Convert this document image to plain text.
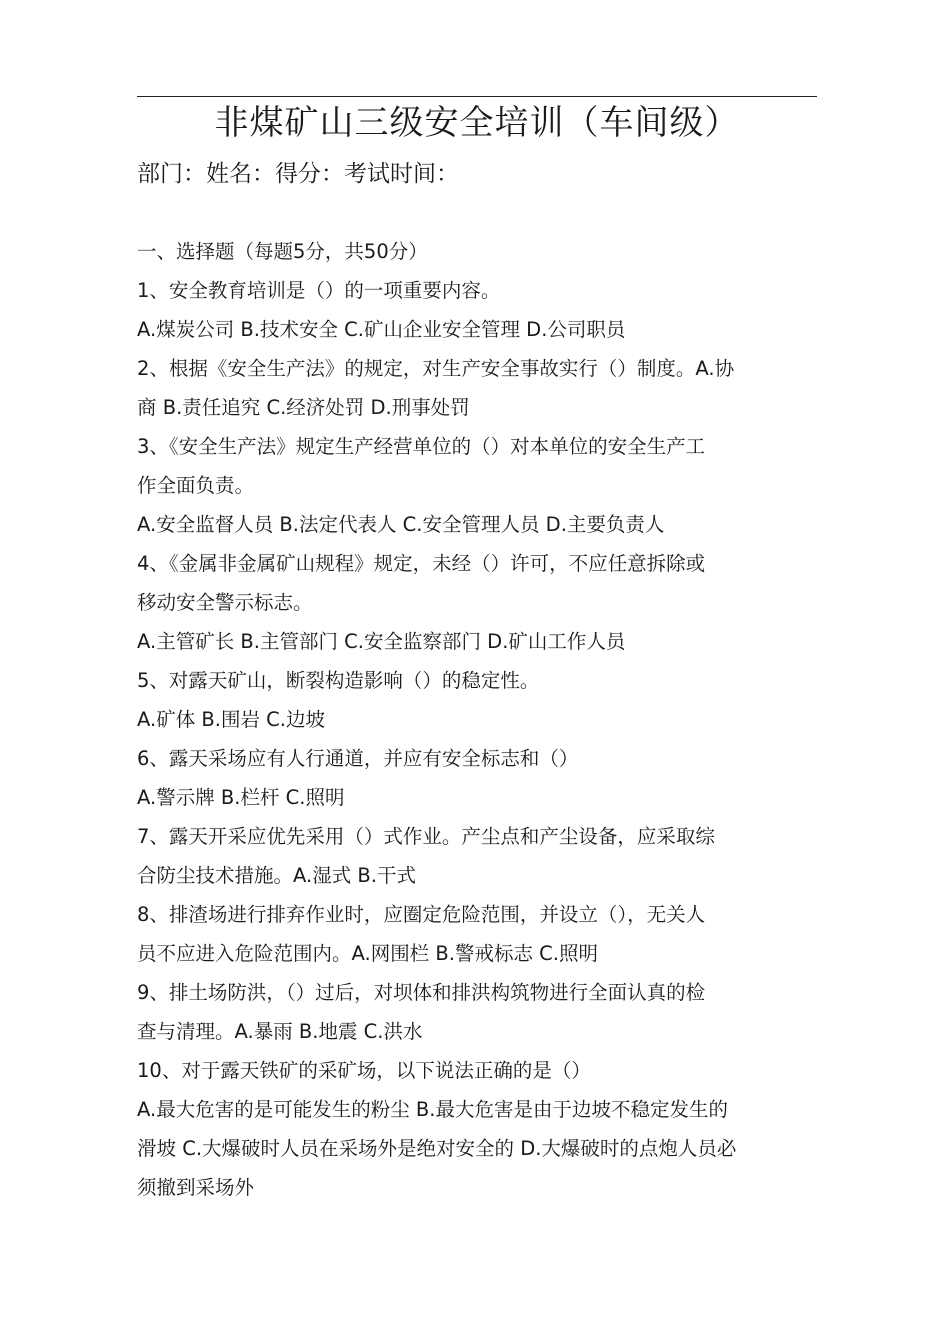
非煤矿山三级安全培训（车间级）
部门：姓名：得分：考试时间：
一、选择题（每题5分，共50分）
1、安全教育培训是（）的一项重要内容。
A.煤炭公司 B.技术安全 C.矿山企业安全管理 D.公司职员
2、根据《安全生产法》的规定，对生产安全事故实行（）制度。A.协
商 B.责任追究 C.经济处罚 D.刑事处罚
3、《安全生产法》规定生产经营单位的（）对本单位的安全生产工
作全面负责。
A.安全监督人员 B.法定代表人 C.安全管理人员 D.主要负责人
4、《金属非金属矿山规程》规定，未经（）许可，不应任意拆除或
移动安全警示标志。
A.主管矿长 B.主管部门 C.安全监察部门 D.矿山工作人员
5、对露天矿山，断裂构造影响（）的稳定性。
A.矿体 B.围岩 C.边坡
6、露天采场应有人行通道，并应有安全标志和（）
A.警示牌 B.栏杆 C.照明
7、露天开采应优先采用（）式作业。产尘点和产尘设备，应采取综
合防尘技术措施。A.湿式 B.干式
8、排渣场进行排弃作业时，应圈定危险范围，并设立（），无关人
员不应进入危险范围内。A.网围栏 B.警戒标志 C.照明
9、排土场防洪，（）过后，对坝体和排洪构筑物进行全面认真的检
查与清理。A.暴雨 B.地震 C.洪水
10、对于露天铁矿的采矿场，以下说法正确的是（）
A.最大危害的是可能发生的粉尘 B.最大危害是由于边坡不稳定发生的
滑坡 C.大爆破时人员在采场外是绝对安全的 D.大爆破时的点炮人员必
须撤到采场外
